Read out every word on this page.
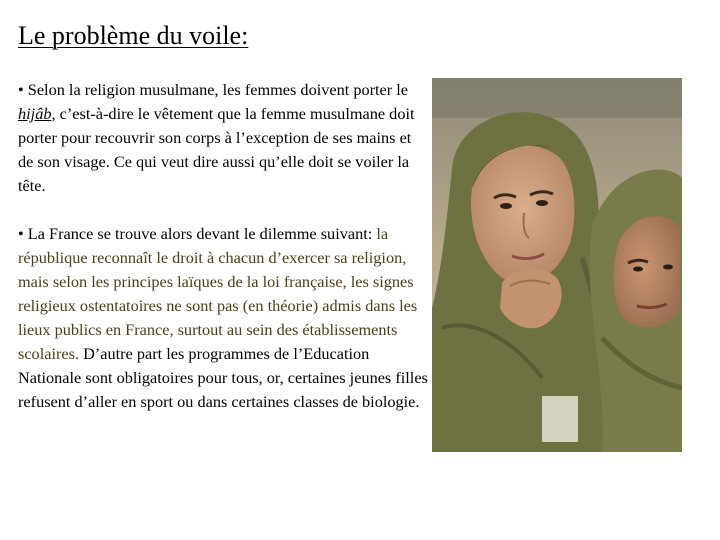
Le problème du voile:

• Selon la religion musulmane, les femmes doivent porter le hijâb, c’est-à-dire le vêtement que la femme musulmane doit porter pour recouvrir son corps à l’exception de ses mains et de son visage. Ce qui veut dire aussi qu’elle doit se voiler la tête.

• La France se trouve alors devant le dilemme suivant: la république reconnaît le droit à chacun d’exercer sa religion, mais selon les principes laïques de la loi française, les signes religieux ostentatoires ne sont pas (en théorie) admis dans les lieux publics en France, surtout au sein des établissements scolaires. D’autre part les programmes de l’Education Nationale sont obligatoires pour tous, or, certaines jeunes filles refusent d’aller en sport ou dans certaines classes de biologie.
